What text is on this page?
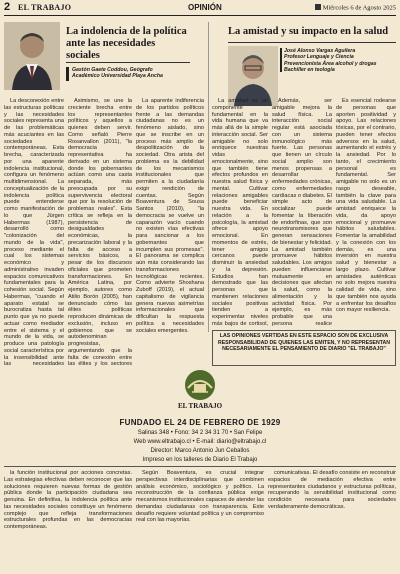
2 EL TRABAJO	OPINIÓN	Miércoles 6 de Agosto 2025
La indolencia de la política ante las necesidades sociales
Gastón Gaete Coddou, Geógrafo
Académico Universidad Playa Ancha
La amistad y su impacto en la salud
José Alonso Vargas Aguilera
Profesor Lenguaje y Ciencia
Prevencionista Área alcohol y drogas
Bachiller en teología

La desconexión entre las estructuras políticas y las necesidades sociales representa una de las problemáticas más acuciantes en las sociedades contemporáneas. Esta brecha, caracterizada por una aparente indolencia institucional, configura un fenómeno multidimensional. La conceptualización de la indolencia política puede entenderse como manifestación de lo que Jürgen Habermas (1987), desarrolló como "colonización del mundo de la vida", proceso mediante el cual los sistemas económico y administrativo invaden espacios comunicativos fundamentales para la cohesión social. Según Habermas, "cuando el aparato estatal se burocratiza hasta tal punto que ya no puede actuar como mediador entre el sistema y el mundo de la vida, se produce una patología social característica por la insensibilidad ante las necesidades

Asimismo, se une la creciente brecha entre los representantes políticos y aquellos a quienes deben servir. Como señaló Pierre Rosanvallon (2011), "la democracia representativa ha derivado en un sistema donde los gobernantes actúan como una casta separada, más preocupada por su supervivencia electoral que por la resolución de problemas reales". Esta crítica se refleja en la persistencia de desigualdades económicas, la precarización laboral y la falta de acceso a servicios básicos, a pesar de los discursos oficiales que prometen transformaciones. En América Latina, por ejemplo, autores como Atilio Borón (2005), han denunciado cómo las élites políticas reproducen dinámicas de exclusión, incluso en gobiernos que se autodenominan progresistas, argumentando que la falta de conexión entre las élites y los sectores

La aparente indiferencia de los partidos políticos frente a las demandas ciudadanas no es un fenómeno aislado, sino que se inscribe en un proceso más amplio de despolitización de la sociedad. Otra arista del problema es la debilidad de los mecanismos institucionales que permiten a la ciudadanía exigir rendición de cuentas. Según Boaventura de Sousa Santos (2010), "la democracia se vuelve un caparazón vacío cuando no existen vías efectivas para sancionar a los gobernantes que incumplen sus promesas". El panorama se complica aún más considerando las transformaciones tecnológicas recientes. Como advierte Shoshana Zuboff (2019), el actual capitalismo de vigilancia genera nuevas asimetrías informacionales que dificultan la respuesta política a necesidades sociales emergentes.

La amistad es un componente fundamental en la vida humana que va más allá de la simple interacción social. Ser amigable no solo enriquece nuestras vidas emocionalmente, sino que también tiene efectos profundos en nuestra salud física y mental. Cultivar relaciones amigables puede beneficiar nuestra vida. En relación a la psicología, la amistad ofrece apoyo emocional. En momentos de estrés, tener amigos cercanos puede disminuir la ansiedad y la depresión. Estudios han demostrado que las personas que mantienen relaciones sociales positivas tienden a experimentar niveles más bajos de cortisol,

Además, ser amigable mejora la salud física. La interacción social regular está asociada con un sistema inmunológico más fuerte. Las personas que tienen un círculo social amplio son menos propensas a desarrollar enfermedades crónicas, como enfermedades cardíacas o diabetes. El simple acto de socializar puede fomentar la liberación de endorfinas, que son neurotransmisores que generan sensaciones de bienestar y felicidad. La amistad también promueve hábitos saludables. Los amigos pueden influenciarse mutuamente en decisiones que afectan la salud, como la alimentación y la actividad física. Por ejemplo, es más probable que una persona realice

Es esencial rodearse de personas que aporten positividad y apoyo. Las relaciones tóxicas, por el contrario, pueden tener efectos adversos en la salud, aumentando el estrés y la ansiedad. Por lo tanto, el crecimiento personal es fundamental. Ser amigable no solo es un rasgo deseable, también la clave para una vida saludable. La amistad enriquece la vida, da apoyo emocional y promueve hábitos saludables. Fomentar la amabilidad y la conexión con los demás, es una inversión en nuestra salud y bienestar a largo plazo. Cultivar amistades auténticas no solo mejora nuestra calidad de vida, sino que también nos ayuda a enfrentar los desafíos con mayor resiliencia.

LAS OPINIONES VERTIDAS EN ESTE ESPACIO SON DE EXCLUSIVA RESPONSABILIDAD DE QUIENES LAS EMITEN, Y NO REPRESENTAN NECESARIAMENTE EL PENSAMIENTO DE DIARIO "EL TRABAJO"
EL TRABAJO
FUNDADO EL 24 DE FEBRERO DE 1929
Salinas 348 • Fono: 34 2 34 31 70 • San Felipe
Web www.eltrabajo.cl • E-mail: diario@eltrabajo.cl
Director: Marco Antonio Jun Ceballos
Impreso en los talleres de Diario El Trabajo

la función institucional por acciones concretas. Las estrategias efectivas deben reconocer que las soluciones requieren nuevas formas de gestión pública donde la participación ciudadana sea genuina. En definitiva, la indolencia política ante las necesidades sociales constituye un fenómeno complejo que refleja transformaciones estructurales profundas en las democracias contemporáneas.

Según Boaventura, es crucial integrar perspectivas interdisciplinarias que combinen análisis económico, sociológico y político. La reconstrucción de la confianza pública exige mecanismos institucionales capaces de atender las demandas ciudadanas con transparencia. Este desafío requiere voluntad política y un compromiso real con las mayorías.

comunicativas. El desafío consiste en reconstruir espacios de mediación efectiva entre representantes ciudadanos y estructuras políticas, recuperando la sensibilidad institucional como condición necesaria para sociedades verdaderamente democráticas.
